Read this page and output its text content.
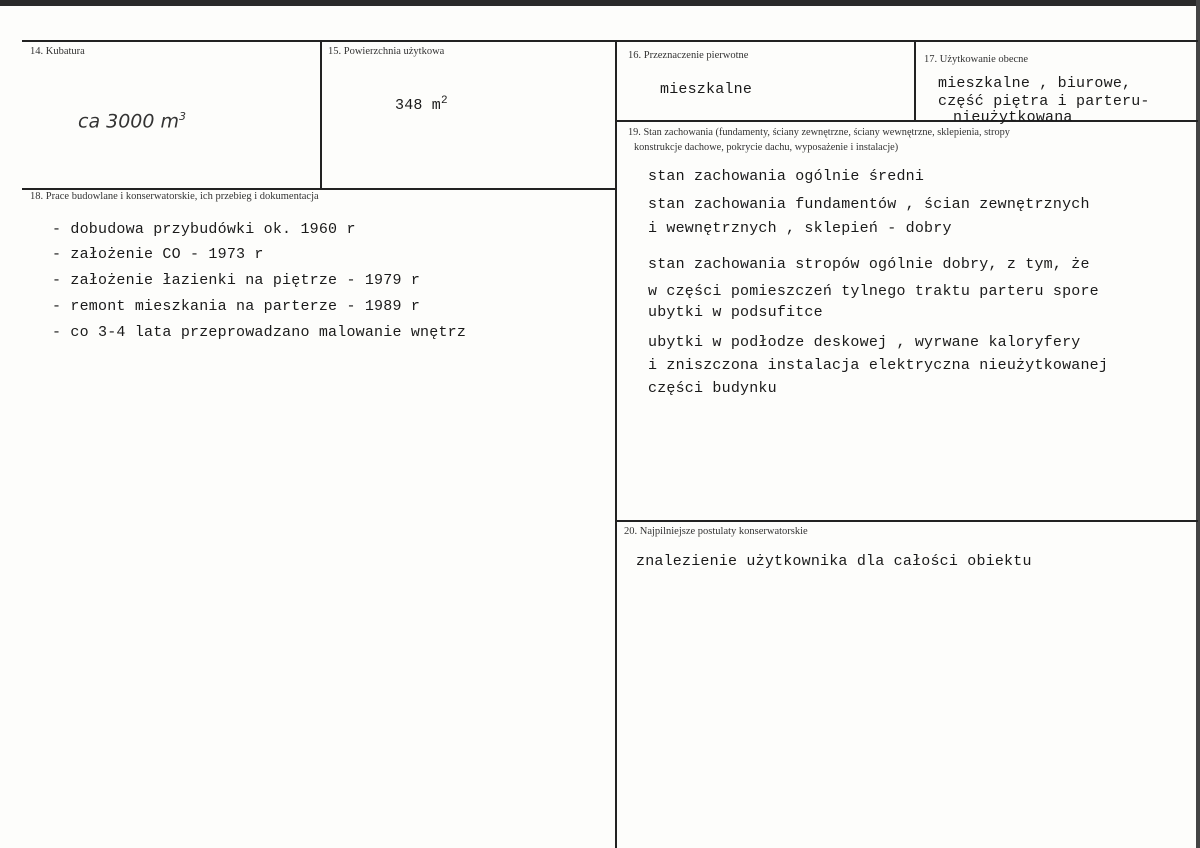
14. Kubatura
ca 3000 $m^3$
15. Powierzchnia użytkowa
348 $m^2$
16. Przeznaczenie pierwotne
mieszkalne
17. Użytkowanie obecne
mieszkalne , biurowe,
część piętra i parteru-
nieużytkowana
18. Prace budowlane i konserwatorskie, ich przebieg i dokumentacja
- dobudowa przybudówki ok. 1960 r
- założenie CO - 1973 r
- założenie łazienki na piętrze - 1979 r
- remont mieszkania na parterze - 1989 r
- co 3-4 lata przeprowadzano malowanie wnętrz
19. Stan zachowania (fundamenty, ściany zewnętrzne, ściany wewnętrzne, sklepienia, stropy
konstrukcje dachowe, pokrycie dachu, wyposażenie i instalacje)
stan zachowania ogólnie średni
stan zachowania fundamentów , ścian zewnętrznych
i wewnętrznych , sklepień - dobry
stan zachowania stropów ogólnie dobry, z tym, że
w części pomieszczeń tylnego traktu parteru spore
ubytki w podsufitce
ubytki w podłodze deskowej , wyrwane kaloryfery
i zniszczona instalacja elektryczna nieużytkowanej
części budynku
20. Najpilniejsze postulaty konserwatorskie
znalezienie użytkownika dla całości obiektu
